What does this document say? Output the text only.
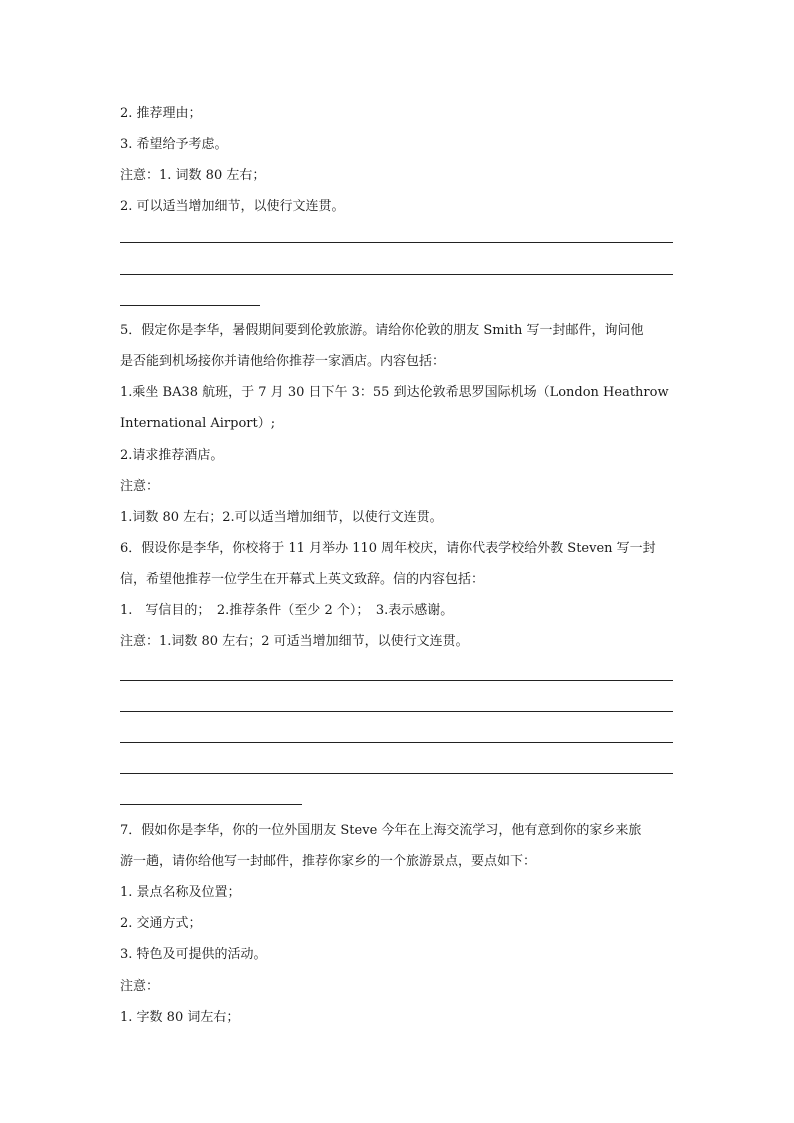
2. 推荐理由；
3. 希望给予考虑。
注意：1. 词数 80 左右；
2. 可以适当增加细节，以使行文连贯。
5．假定你是李华，暑假期间要到伦敦旅游。请给你伦敦的朋友 Smith 写一封邮件，询问他
是否能到机场接你并请他给你推荐一家酒店。内容包括：
1.乘坐 BA38 航班，于 7 月 30 日下午 3：55 到达伦敦希思罗国际机场（London Heathrow
International Airport）;
2.请求推荐酒店。
注意：
1.词数 80 左右；2.可以适当增加细节，以使行文连贯。
6．假设你是李华，你校将于 11 月举办 110 周年校庆，请你代表学校给外教 Steven 写一封
信，希望他推荐一位学生在开幕式上英文致辞。信的内容包括：
1.　写信目的；　2.推荐条件（至少 2 个）；　3.表示感谢。
注意：1.词数 80 左右；2 可适当增加细节，以使行文连贯。
7．假如你是李华，你的一位外国朋友 Steve 今年在上海交流学习，他有意到你的家乡来旅
游一趟，请你给他写一封邮件，推荐你家乡的一个旅游景点，要点如下：
1. 景点名称及位置；
2. 交通方式；
3. 特色及可提供的活动。
注意：
1. 字数 80 词左右；
